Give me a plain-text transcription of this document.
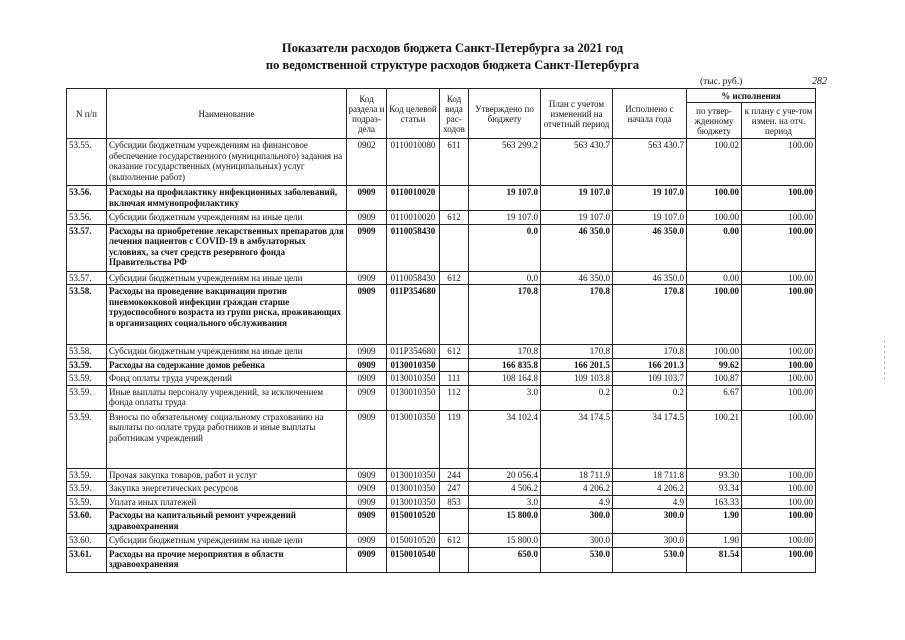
Показатели расходов бюджета Санкт-Петербурга за 2021 год
по ведомственной структуре расходов бюджета Санкт-Петербурга
(тыс. руб.)	282
N п/п	Наименование	Код раздела и подраз-дела	Код целевой статьи	Код вида рас-ходов	Утверждено по бюджету	План с учетом изменений на отчетный период	Исполнено с начала года	% исполнения	
								по утвер-жденному бюджету	к плану с уче-том измен. на отч. период
53.55.	Субсидии бюджетным учреждениям на финансовое обеспечение государственного (муниципального) задания на оказание государственных (муниципальных) услуг (выполнение работ)	0902	0110010080	611	563 299.2	563 430.7	563 430.7	100.02	100.00
53.56.	Расходы на профилактику инфекционных заболеваний, включая иммунопрофилактику	0909	0110010020		19 107.0	19 107.0	19 107.0	100.00	100.00
53.56.	Субсидии бюджетным учреждениям на иные цели	0909	0110010020	612	19 107.0	19 107.0	19 107.0	100.00	100.00
53.57.	Расходы на приобретение лекарственных препаратов для лечения пациентов с COVID-19 в амбулаторных условиях, за счет средств резервного фонда Правительства РФ	0909	0110058430		0.0	46 350.0	46 350.0	0.00	100.00
53.57.	Субсидии бюджетным учреждениям на иные цели	0909	0110058430	612	0.0	46 350.0	46 350.0	0.00	100.00
53.58.	Расходы на проведение вакцинации против пневмококковой инфекции граждан старше трудоспособного возраста из групп риска, проживающих в организациях социального обслуживания	0909	011P354680		170.8	170.8	170.8	100.00	100.00
53.58.	Субсидии бюджетным учреждениям на иные цели	0909	011P354680	612	170.8	170.8	170.8	100.00	100.00
53.59.	Расходы на содержание домов ребенка	0909	0130010350		166 835.8	166 201.5	166 201.3	99.62	100.00
53.59.	Фонд оплаты труда учреждений	0909	0130010350	111	108 164.8	109 103.8	109 103.7	100.87	100.00
53.59.	Иные выплаты персоналу учреждений, за исключением фонда оплаты труда	0909	0130010350	112	3.0	0.2	0.2	6.67	100.00
53.59.	Взносы по обязательному социальному страхованию на выплаты по оплате труда работников и иные выплаты работникам учреждений	0909	0130010350	119	34 102.4	34 174.5	34 174.5	100.21	100.00
53.59.	Прочая закупка товаров, работ и услуг	0909	0130010350	244	20 056.4	18 711.9	18 711.8	93.30	100.00
53.59.	Закупка энергетических ресурсов	0909	0130010350	247	4 506.2	4 206.2	4 206.2	93.34	100.00
53.59.	Уплата иных платежей	0909	0130010350	853	3.0	4.9	4.9	163.33	100.00
53.60.	Расходы на капитальный ремонт учреждений здравоохранения	0909	0150010520		15 800.0	300.0	300.0	1.90	100.00
53.60.	Субсидии бюджетным учреждениям на иные цели	0909	0150010520	612	15 800.0	300.0	300.0	1.90	100.00
53.61.	Расходы на прочие мероприятия в области здравоохранения	0909	0150010540		650.0	530.0	530.0	81.54	100.00
